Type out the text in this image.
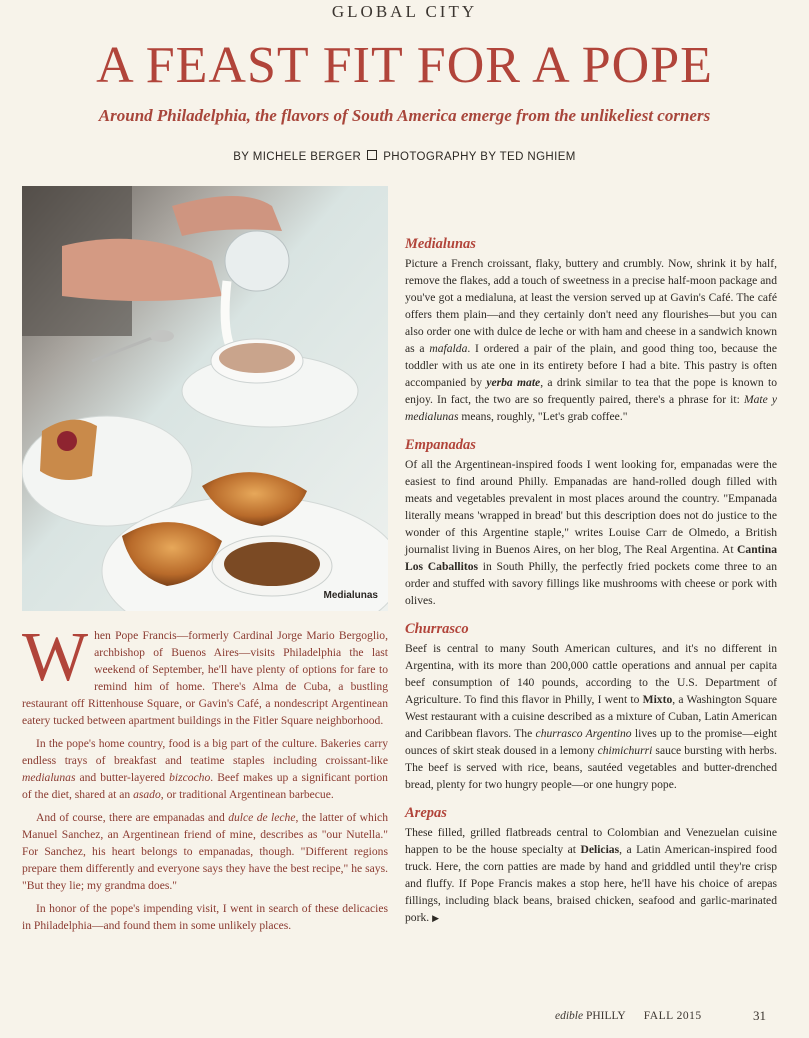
GLOBAL CITY
A FEAST FIT FOR A POPE
Around Philadelphia, the flavors of South America emerge from the unlikeliest corners
BY MICHELE BERGER PHOTOGRAPHY BY TED NGHIEM
Medialunas

When Pope Francis—formerly Cardinal Jorge Mario Bergoglio, archbishop of Buenos Aires—visits Philadelphia the last weekend of September, he'll have plenty of options for fare to remind him of home. There's Alma de Cuba, a bustling restaurant off Rittenhouse Square, or Gavin's Café, a nondescript Argentinean eatery tucked between apartment buildings in the Fitler Square neighborhood.

In the pope's home country, food is a big part of the culture. Bakeries carry endless trays of breakfast and teatime staples including croissant-like medialunas and butter-layered bizcocho. Beef makes up a significant portion of the diet, shared at an asado, or traditional Argentinean barbecue.

And of course, there are empanadas and dulce de leche, the latter of which Manuel Sanchez, an Argentinean friend of mine, describes as "our Nutella." For Sanchez, his heart belongs to empanadas, though. "Different regions prepare them differently and everyone says they have the best recipe," he says. "But they lie; my grandma does."

In honor of the pope's impending visit, I went in search of these delicacies in Philadelphia—and found them in some unlikely places.

Medialunas

Picture a French croissant, flaky, buttery and crumbly. Now, shrink it by half, remove the flakes, add a touch of sweetness in a precise half-moon package and you've got a medialuna, at least the version served up at Gavin's Café. The café offers them plain—and they certainly don't need any flourishes—but you can also order one with dulce de leche or with ham and cheese in a sandwich known as a mafalda. I ordered a pair of the plain, and good thing too, because the toddler with us ate one in its entirety before I had a bite. This pastry is often accompanied by yerba mate, a drink similar to tea that the pope is known to enjoy. In fact, the two are so frequently paired, there's a phrase for it: Mate y medialunas means, roughly, "Let's grab coffee."

Empanadas

Of all the Argentinean-inspired foods I went looking for, empanadas were the easiest to find around Philly. Empanadas are hand-rolled dough filled with meats and vegetables prevalent in most places around the country. "Empanada literally means 'wrapped in bread' but this description does not do justice to the wonder of this Argentine staple," writes Louise Carr de Olmedo, a British journalist living in Buenos Aires, on her blog, The Real Argentina. At Cantina Los Caballitos in South Philly, the perfectly fried pockets come three to an order and stuffed with savory fillings like mushrooms with cheese or pork with olives.

Churrasco

Beef is central to many South American cultures, and it's no different in Argentina, with its more than 200,000 cattle operations and annual per capita beef consumption of 140 pounds, according to the U.S. Department of Agriculture. To find this flavor in Philly, I went to Mixto, a Washington Square West restaurant with a cuisine described as a mixture of Cuban, Latin American and Caribbean flavors. The churrasco Argentino lives up to the promise—eight ounces of skirt steak doused in a lemony chimichurri sauce bursting with herbs. The beef is served with rice, beans, sautéed vegetables and butter-drenched bread, plenty for two hungry people—or one hungry pope.

Arepas

These filled, grilled flatbreads central to Colombian and Venezuelan cuisine happen to be the house specialty at Delicias, a Latin American-inspired food truck. Here, the corn patties are made by hand and griddled until they're crisp and fluffy. If Pope Francis makes a stop here, he'll have his choice of arepas fillings, including black beans, braised chicken, seafood and garlic-marinated pork. ▶

edible PHILLY FALL 2015	31
